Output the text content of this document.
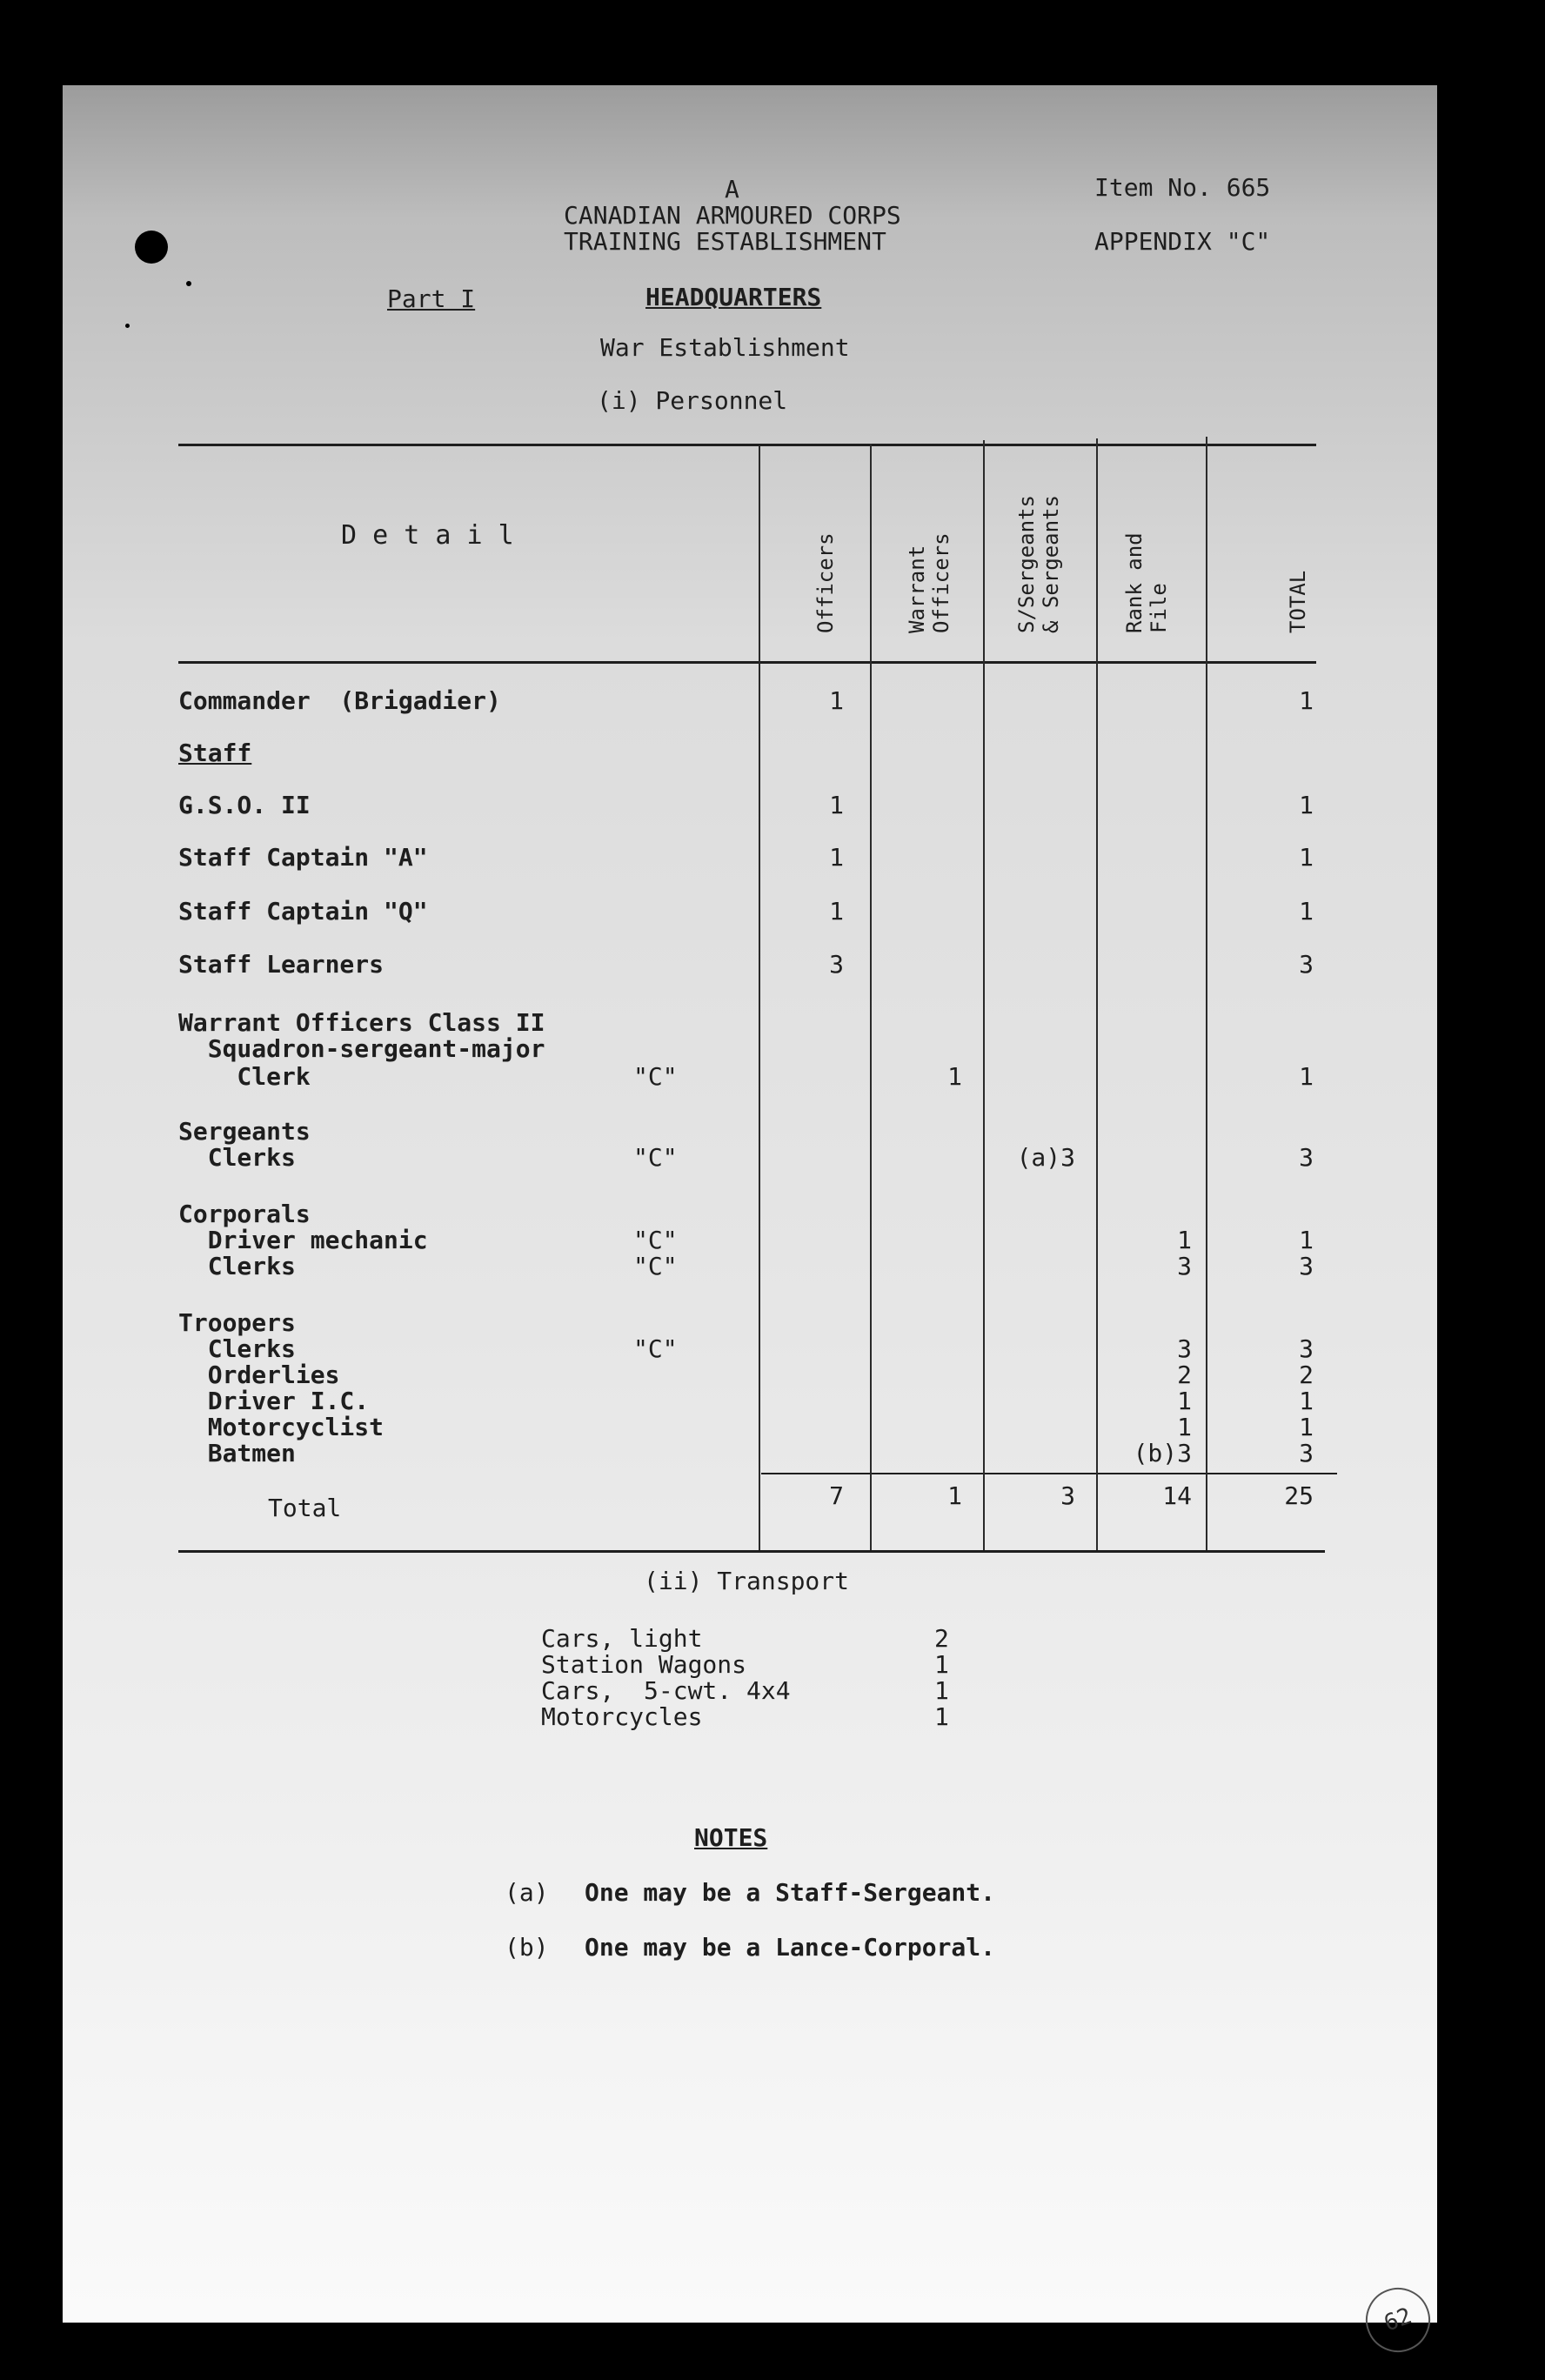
A
CANADIAN ARMOURED CORPS
TRAINING ESTABLISHMENT
Item No. 665
APPENDIX "C"
Part I	HEADQUARTERS
War Establishment
(i) Personnel
D e t a i l	Officers	Warrant
Officers	S/Sergeants
& Sergeants	Rank and
File	TOTAL
Commander  (Brigadier)	1	1
Staff
G.S.O. II	1	1
Staff Captain "A"	1	1
Staff Captain "Q"	1	1
Staff Learners	3	3
Warrant Officers Class II
Squadron-sergeant-major
Clerk	"C"	1	1
Sergeants
Clerks	"C"	(a)3	3
Corporals
Driver mechanic	"C"	1	1
Clerks	"C"	3	3
Troopers
Clerks	"C"	3	3
Orderlies	2	2
Driver I.C.	1	1
Motorcyclist	1	1
Batmen	(b)3	3
Total	7	1	3	14	25
(ii) Transport
Cars, light	2
Station Wagons	1
Cars,  5-cwt. 4x4	1
Motorcycles	1
NOTES
(a) One may be a Staff-Sergeant.
(b) One may be a Lance-Corporal.
62
